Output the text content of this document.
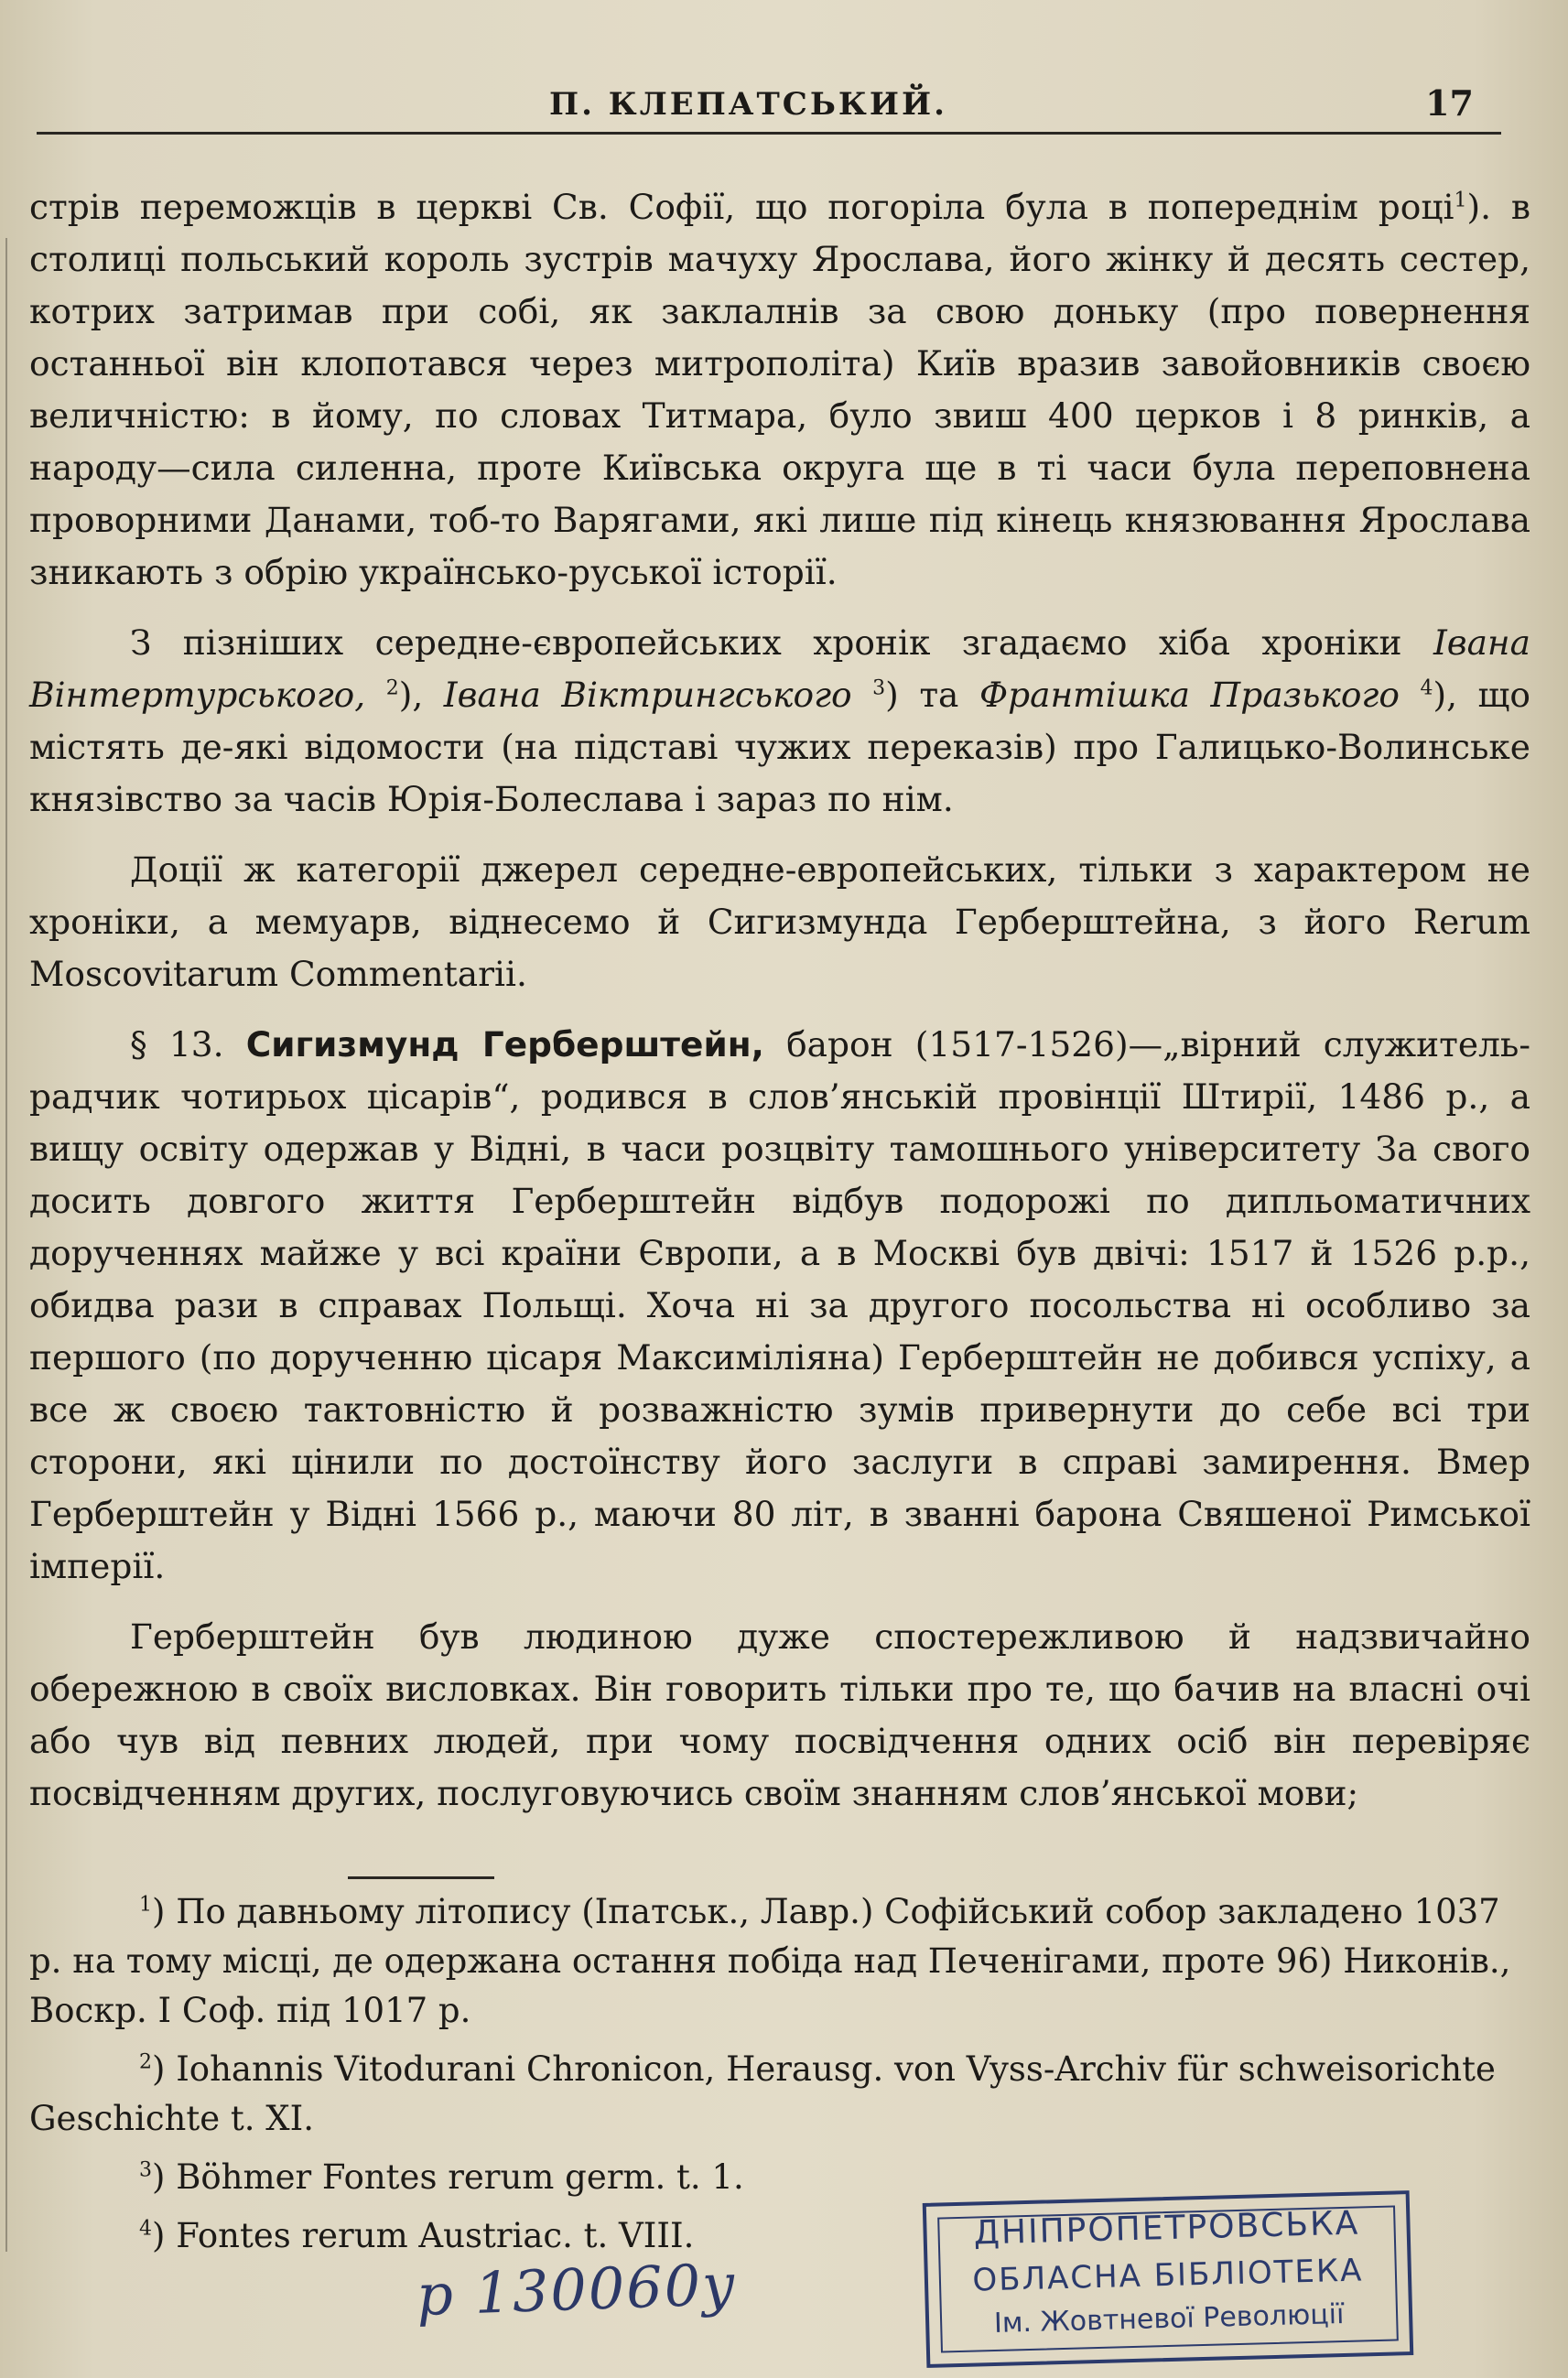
П. КЛЕПАТСЬКИЙ.	17

стрів переможців в церкві Св. Софії, що погоріла була в попереднім році$^1$). в столиці польський король зустрів мачуху Ярослава, його жінку й десять сестер, котрих затримав при собі, як заклалнів за свою доньку (про повернення останньої він клопотався через митрополіта) Київ вразив завойовників своєю величністю: в йому, по словах Титмара, було звиш 400 церков і 8 ринків, а народу—сила силенна, проте Київська округа ще в ті часи була переповнена проворними Данами, тоб-то Варягами, які лише під кінець князювання Ярослава зникають з обрію українсько-руської історії.

З пізніших середне-європейських хронік згадаємо хіба хроніки Івана Вінтертурського, $^2$), Івана Віктрингського $^3$) та Франтішка Празького $^4$), що містять де-які відомости (на підставі чужих переказів) про Галицько-Волинське князівство за часів Юрія-Болеслава і зараз по нім.

Доції ж категорії джерел середне-европейських, тільки з характером не хроніки, а мемуарв, віднесемо й Сигизмунда Герберштейна, з його Rerum Moscovitarum Commentarii.

§ 13. Сигизмунд Герберштейн, барон (1517-1526)—„вірний служитель-радчик чотирьох цісарів“, родився в слов’янській провінції Штирії, 1486 р., а вищу освіту одержав у Відні, в часи розцвіту тамошнього університету За свого досить довгого життя Герберштейн відбув подорожі по дипльоматичних дорученнях майже у всі країни Європи, а в Москві був двічі: 1517 й 1526 р.р., обидва рази в справах Польщі. Хоча ні за другого посольства ні особливо за першого (по дорученню цісаря Максиміліяна) Герберштейн не добився успіху, а все ж своєю тактовністю й розважністю зумів привернути до себе всі три сторони, які цінили по достоїнству його заслуги в справі замирення. Вмер Герберштейн у Відні 1566 р., маючи 80 літ, в званні барона Свяшеної Римської імперії.

Герберштейн був людиною дуже спостережливою й надзвичайно обережною в своїх висловках. Він говорить тільки про те, що бачив на власні очі або чув від певних людей, при чому посвідчення одних осіб він перевіряє посвідченням других, послуговуючись своїм знанням слов’янської мови;

$^1$) По давньому літопису (Іпатськ., Лавр.) Софійський собор закладено 1037 р. на тому місці, де одержана остання побіда над Печенігами, проте 96) Никонів., Воскр. І Соф. під 1017 р.

$^2$) Iohannis Vitodurani Chronicon, Herausg. von Vyss-Archiv für schweisorichte Geschichte t. XI.

$^3$) Böhmer Fontes rerum germ. t. 1.

$^4$) Fontes rerum Austriac. t. VIII.

р 130060у
ДНІПРОПЕТРОВСЬКА
ОБЛАСНА БІБЛІОТЕКА
Ім. Жовтневої Революції
